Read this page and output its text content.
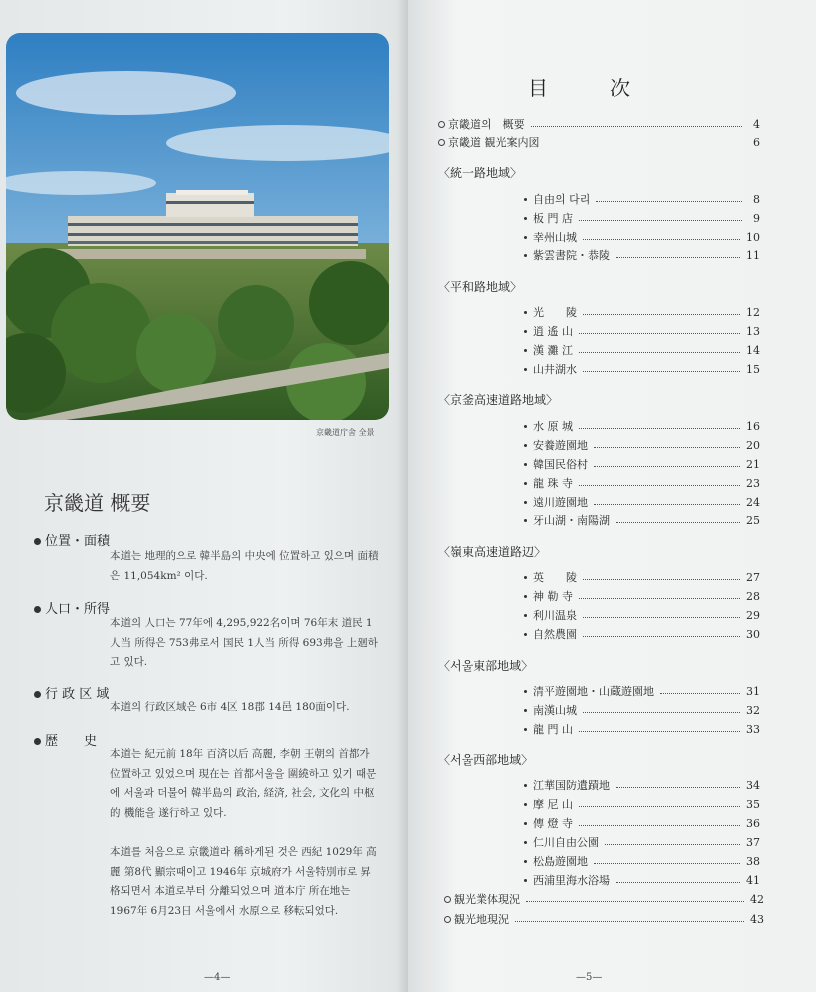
京畿道庁舍 全景
京畿道 概要
位置・面積
本道는 地理的으로 韓半島의 中央에 位置하고 있으며 面積은 11,054km² 이다.
人口・所得
本道의 人口는 77年에 4,295,922名이며 76年末 道民 1人当 所得은 753弗로서 国民 1人当 所得 693弗을 上廻하고 있다.
行 政 区 域
本道의 行政区域은 6市 4区 18郡 14邑 180面이다.
歴　　史
本道는 紀元前 18年 百済以后 高麗, 李朝 王朝의 首都가 位置하고 있었으며 現在는 首都서울을 圍繞하고 있기 때문에 서울과 더불어 韓半島의 政治, 経済, 社会, 文化의 中枢的 機能을 遂行하고 있다.
本道를 처음으로 京畿道라 稱하게된 것은 西紀 1029年 高麗 第8代 顯宗때이고 1946年 京城府가 서울特別市로 昇格되면서 本道로부터 分離되었으며 道本庁 所在地는 1967年 6月23日 서울에서 水原으로 移転되었다.
—4—
目次
京畿道의　概要	4
京畿道 観光案内図	6
〈統一路地域〉
自由의 다리	8
板 門 店	9
幸州山城	10
紫雲書院・恭陵	11
〈平和路地域〉
光　　陵	12
逍 遙 山	13
漢 灘 江	14
山井湖水	15
〈京釜高速道路地域〉
水 原 城	16
安養遊園地	20
韓国民俗村	21
龍 珠 寺	23
遠川遊園地	24
牙山湖・南陽湖	25
〈嶺東高速道路辺〉
英　　陵	27
神 勒 寺	28
利川温泉	29
自然農園	30
〈서울東部地域〉
清平遊園地・山蔵遊園地	31
南漢山城	32
龍 門 山	33
〈서울西部地域〉
江華国防遺蹟地	34
摩 尼 山	35
傳 燈 寺	36
仁川自由公園	37
松島遊園地	38
西浦里海水浴場	41
観光業体現況	42
観光地現況	43
—5—
